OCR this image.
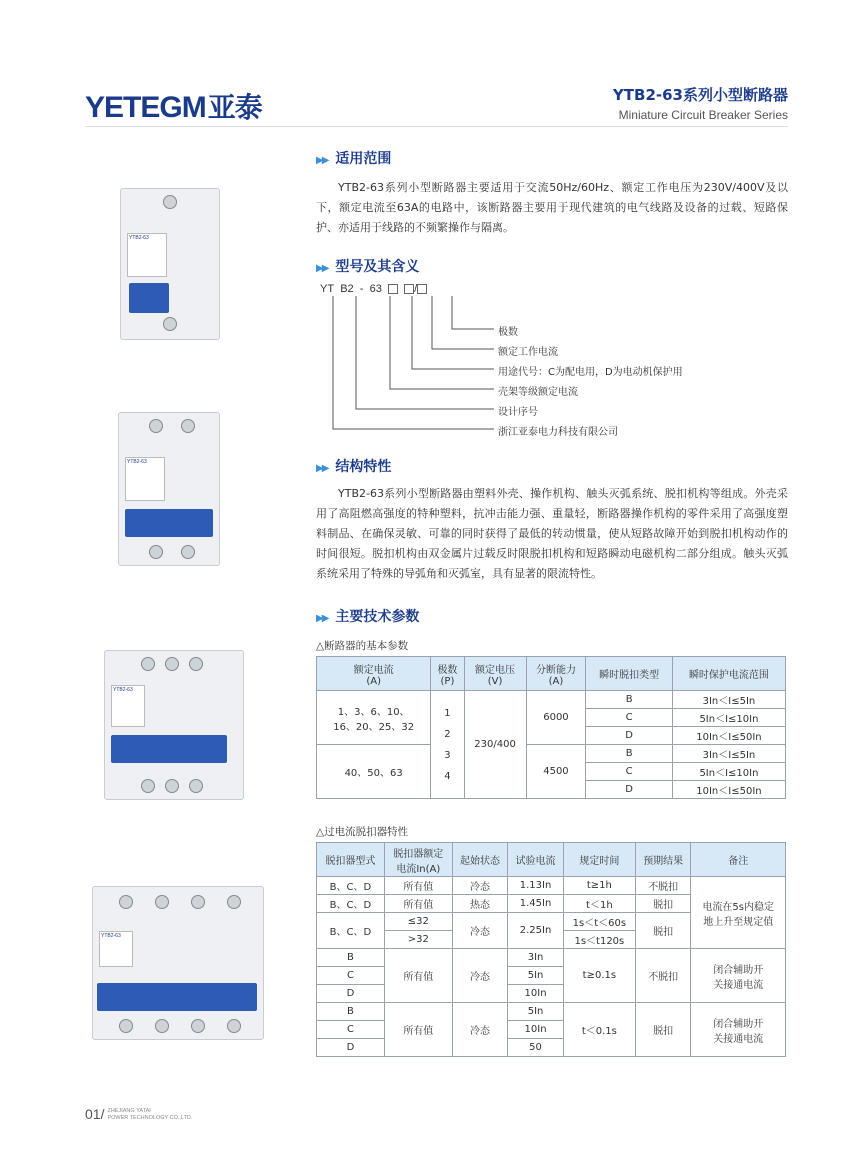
YETEGM亚泰	YTB2-63系列小型断路器
Miniature Circuit Breaker Series
YTB2-63
YTB2-63
YTB2-63
YTB2-63
▶▶ 适用范围
YTB2-63系列小型断路器主要适用于交流50Hz/60Hz、额定工作电压为230V/400V及以下，额定电流至63A的电路中，该断路器主要用于现代建筑的电气线路及设备的过载、短路保护、亦适用于线路的不频繁操作与隔离。
▶▶ 型号及其含义
YT B2 - 63	/
极数
额定工作电流
用途代号：C为配电用，D为电动机保护用
壳架等级额定电流
设计序号
浙江亚泰电力科技有限公司
▶▶ 结构特性
YTB2-63系列小型断路器由塑料外壳、操作机构、触头灭弧系统、脱扣机构等组成。外壳采用了高阻燃高强度的特种塑料，抗冲击能力强、重量轻，断路器操作机构的零件采用了高强度塑料制品、在确保灵敏、可靠的同时获得了最低的转动惯量，使从短路故障开始到脱扣机构动作的时间很短。脱扣机构由双金属片过载反时限脱扣机构和短路瞬动电磁机构二部分组成。触头灭弧系统采用了特殊的导弧角和灭弧室，具有显著的限流特性。
▶▶ 主要技术参数
△断路器的基本参数
额定电流
(A)	极数
(P)	额定电压
(V)	分断能力
(A)	瞬时脱扣类型	瞬时保护电流范围
1、3、6、10、
16、20、25、32	1
2
3
4	230/400	6000	B	3In＜I≤5In
				C	5In＜I≤10In
				D	10In＜I≤50In
40、50、63			4500	B	3In＜I≤5In
				C	5In＜I≤10In
				D	10In＜I≤50In
△过电流脱扣器特性
脱扣器型式	脱扣器额定
电流In(A)	起始状态	试验电流	规定时间	预期结果	备注
B、C、D	所有值	冷态	1.13In	t≥1h	不脱扣	电流在5s内稳定
地上升至规定值
B、C、D	所有值	热态	1.45In	t＜1h	脱扣	
B、C、D	≤32	冷态	2.25In	1s＜t＜60s	脱扣	
	>32			1s＜t120s		
B	所有值	冷态	3In	t≥0.1s	不脱扣	闭合辅助开
关接通电流
C			5In			
D			10In			
B	所有值	冷态	5In	t＜0.1s	脱扣	闭合辅助开
关接通电流
C			10In			
D			50			
01/ ZHEJIANG YATAI
POWER TECHNOLOGY CO.,LTD.
